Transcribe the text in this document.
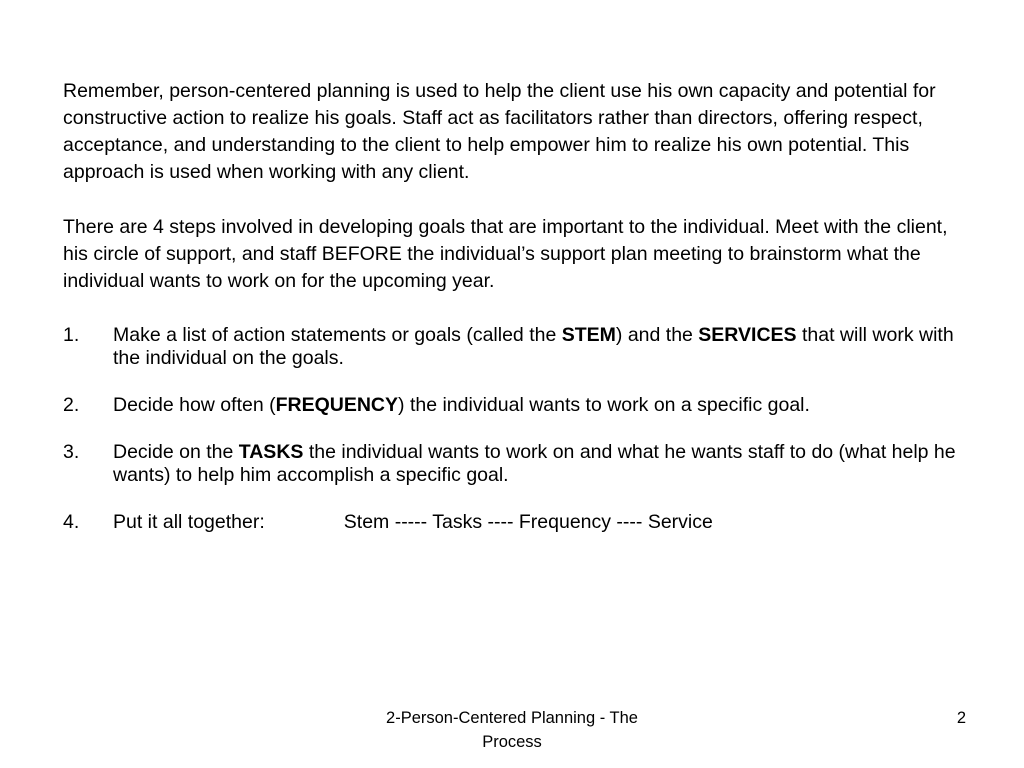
Remember, person-centered planning is used to help the client use his own capacity and potential for constructive action to realize his goals. Staff act as facilitators rather than directors, offering respect, acceptance, and understanding to the client to help empower him to realize his own potential. This approach is used when working with any client.

There are 4 steps involved in developing goals that are important to the individual. Meet with the client, his circle of support, and staff BEFORE the individual’s support plan meeting to brainstorm what the individual wants to work on for the upcoming year.

1. Make a list of action statements or goals (called the STEM) and the SERVICES that will work with the individual on the goals.
2. Decide how often (FREQUENCY) the individual wants to work on a specific goal.
3. Decide on the TASKS the individual wants to work on and what he wants staff to do (what help he wants) to help him accomplish a specific goal.
4. Put it all together:	Stem ----- Tasks ---- Frequency ---- Service
2-Person-Centered Planning - The
Process
2
